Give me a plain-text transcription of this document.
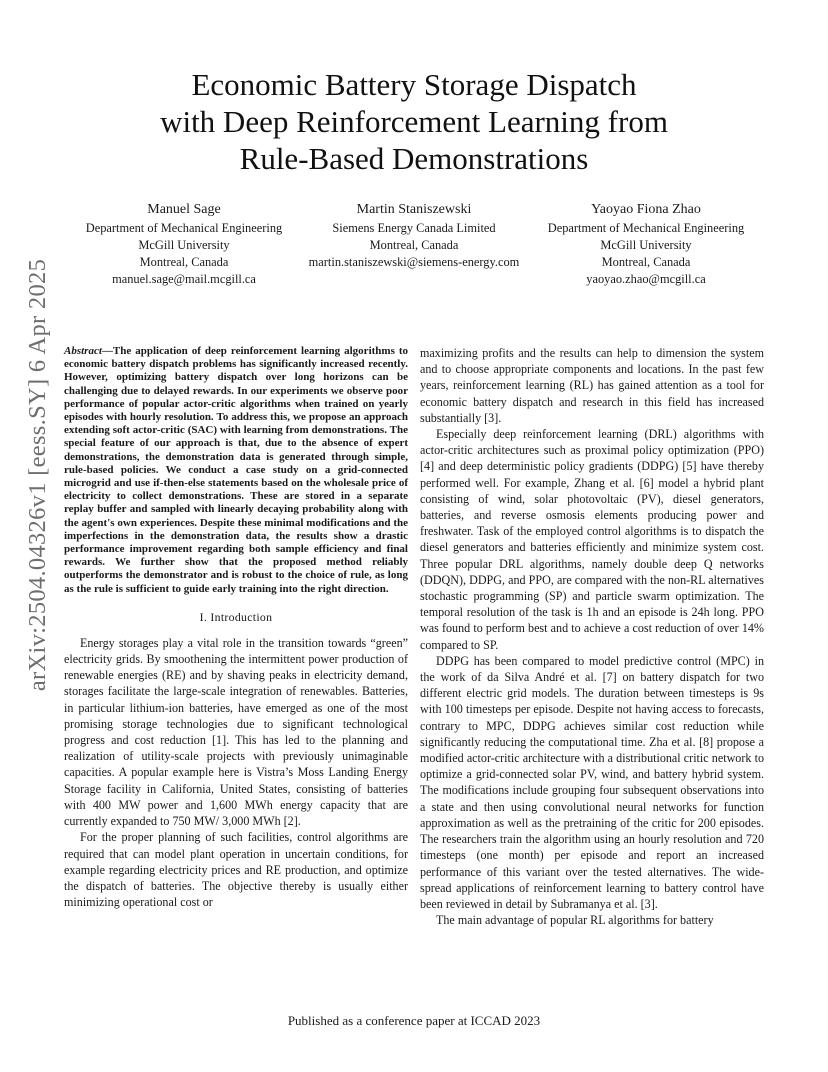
arXiv:2504.04326v1 [eess.SY] 6 Apr 2025
Economic Battery Storage Dispatch
with Deep Reinforcement Learning from
Rule-Based Demonstrations
Manuel Sage
Department of Mechanical Engineering
McGill University
Montreal, Canada
manuel.sage@mail.mcgill.ca
Martin Staniszewski
Siemens Energy Canada Limited
Montreal, Canada
martin.staniszewski@siemens-energy.com
Yaoyao Fiona Zhao
Department of Mechanical Engineering
McGill University
Montreal, Canada
yaoyao.zhao@mcgill.ca

Abstract—The application of deep reinforcement learning algorithms to economic battery dispatch problems has significantly increased recently. However, optimizing battery dispatch over long horizons can be challenging due to delayed rewards. In our experiments we observe poor performance of popular actor-critic algorithms when trained on yearly episodes with hourly resolution. To address this, we propose an approach extending soft actor-critic (SAC) with learning from demonstrations. The special feature of our approach is that, due to the absence of expert demonstrations, the demonstration data is generated through simple, rule-based policies. We conduct a case study on a grid-connected microgrid and use if-then-else statements based on the wholesale price of electricity to collect demonstrations. These are stored in a separate replay buffer and sampled with linearly decaying probability along with the agent's own experiences. Despite these minimal modifications and the imperfections in the demonstration data, the results show a drastic performance improvement regarding both sample efficiency and final rewards. We further show that the proposed method reliably outperforms the demonstrator and is robust to the choice of rule, as long as the rule is sufficient to guide early training into the right direction.

I. Introduction

Energy storages play a vital role in the transition towards “green” electricity grids. By smoothening the intermittent power production of renewable energies (RE) and by shaving peaks in electricity demand, storages facilitate the large-scale integration of renewables. Batteries, in particular lithium-ion batteries, have emerged as one of the most promising storage technologies due to significant technological progress and cost reduction [1]. This has led to the planning and realization of utility-scale projects with previously unimaginable capacities. A popular example here is Vistra’s Moss Landing Energy Storage facility in California, United States, consisting of batteries with 400 MW power and 1,600 MWh energy capacity that are currently expanded to 750 MW/ 3,000 MWh [2].

For the proper planning of such facilities, control algorithms are required that can model plant operation in uncertain conditions, for example regarding electricity prices and RE production, and optimize the dispatch of batteries. The objective thereby is usually either minimizing operational cost or

maximizing profits and the results can help to dimension the system and to choose appropriate components and locations. In the past few years, reinforcement learning (RL) has gained attention as a tool for economic battery dispatch and research in this field has increased substantially [3].

Especially deep reinforcement learning (DRL) algorithms with actor-critic architectures such as proximal policy optimization (PPO) [4] and deep deterministic policy gradients (DDPG) [5] have thereby performed well. For example, Zhang et al. [6] model a hybrid plant consisting of wind, solar photovoltaic (PV), diesel generators, batteries, and reverse osmosis elements producing power and freshwater. Task of the employed control algorithms is to dispatch the diesel generators and batteries efficiently and minimize system cost. Three popular DRL algorithms, namely double deep Q networks (DDQN), DDPG, and PPO, are compared with the non-RL alternatives stochastic programming (SP) and particle swarm optimization. The temporal resolution of the task is 1h and an episode is 24h long. PPO was found to perform best and to achieve a cost reduction of over 14% compared to SP.

DDPG has been compared to model predictive control (MPC) in the work of da Silva André et al. [7] on battery dispatch for two different electric grid models. The duration between timesteps is 9s with 100 timesteps per episode. Despite not having access to forecasts, contrary to MPC, DDPG achieves similar cost reduction while significantly reducing the computational time. Zha et al. [8] propose a modified actor-critic architecture with a distributional critic network to optimize a grid-connected solar PV, wind, and battery hybrid system. The modifications include grouping four subsequent observations into a state and then using convolutional neural networks for function approximation as well as the pretraining of the critic for 200 episodes. The researchers train the algorithm using an hourly resolution and 720 timesteps (one month) per episode and report an increased performance of this variant over the tested alternatives. The wide-spread applications of reinforcement learning to battery control have been reviewed in detail by Subramanya et al. [3].

The main advantage of popular RL algorithms for battery

Published as a conference paper at ICCAD 2023
